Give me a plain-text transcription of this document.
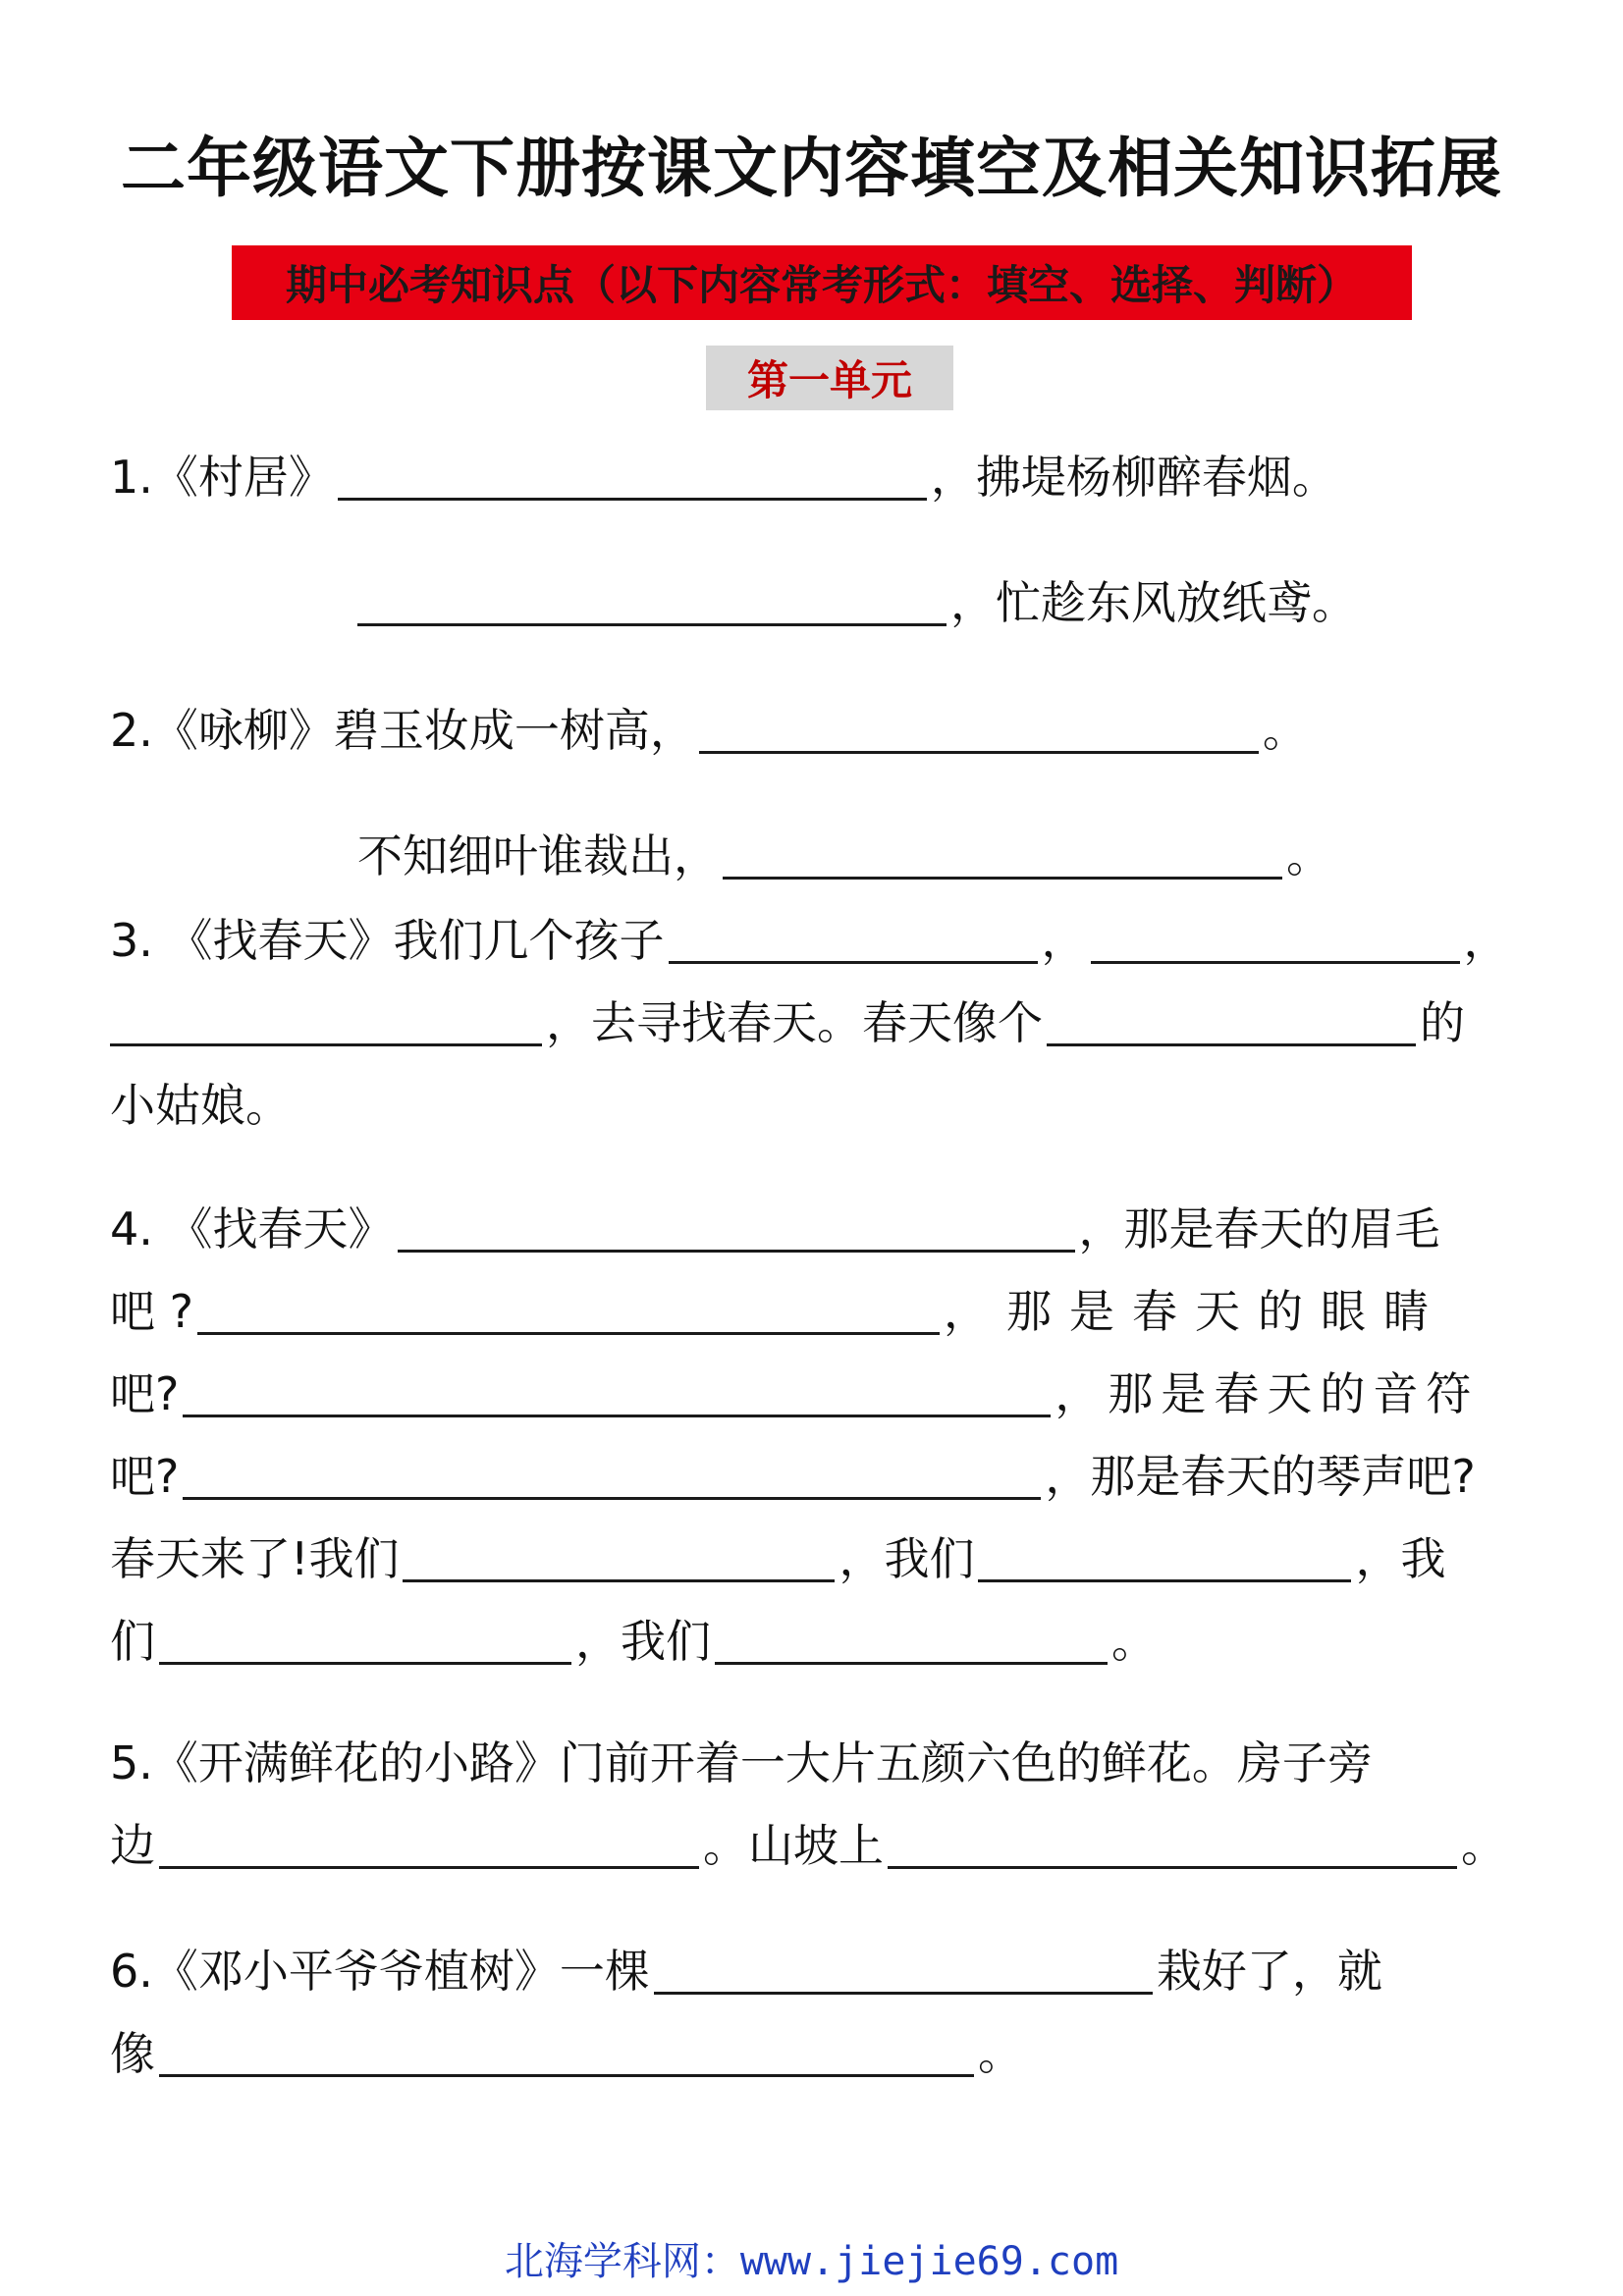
二年级语文下册按课文内容填空及相关知识拓展
期中必考知识点（以下内容常考形式：填空、选择、判断）
第一单元
1.《村居》	，拂堤杨柳醉春烟。
，忙趁东风放纸鸢。
2.《咏柳》碧玉妆成一树高，	。
不知细叶谁裁出，	。
3. 《找春天》我们几个孩子	，	，
，去寻找春天。春天像个	的
小姑娘。
4. 《找春天》	，那是春天的眉毛
吧 ?	，那是春天的眼睛
吧?	，那是春天的音符
吧?	，那是春天的琴声吧?
春天来了!我们	，我们	，我
们	，我们	。
5.《开满鲜花的小路》门前开着一大片五颜六色的鲜花。房子旁
边	。山坡上	。
6.《邓小平爷爷植树》一棵	栽好了，就
像	。
北海学科网：www.jiejie69.com
